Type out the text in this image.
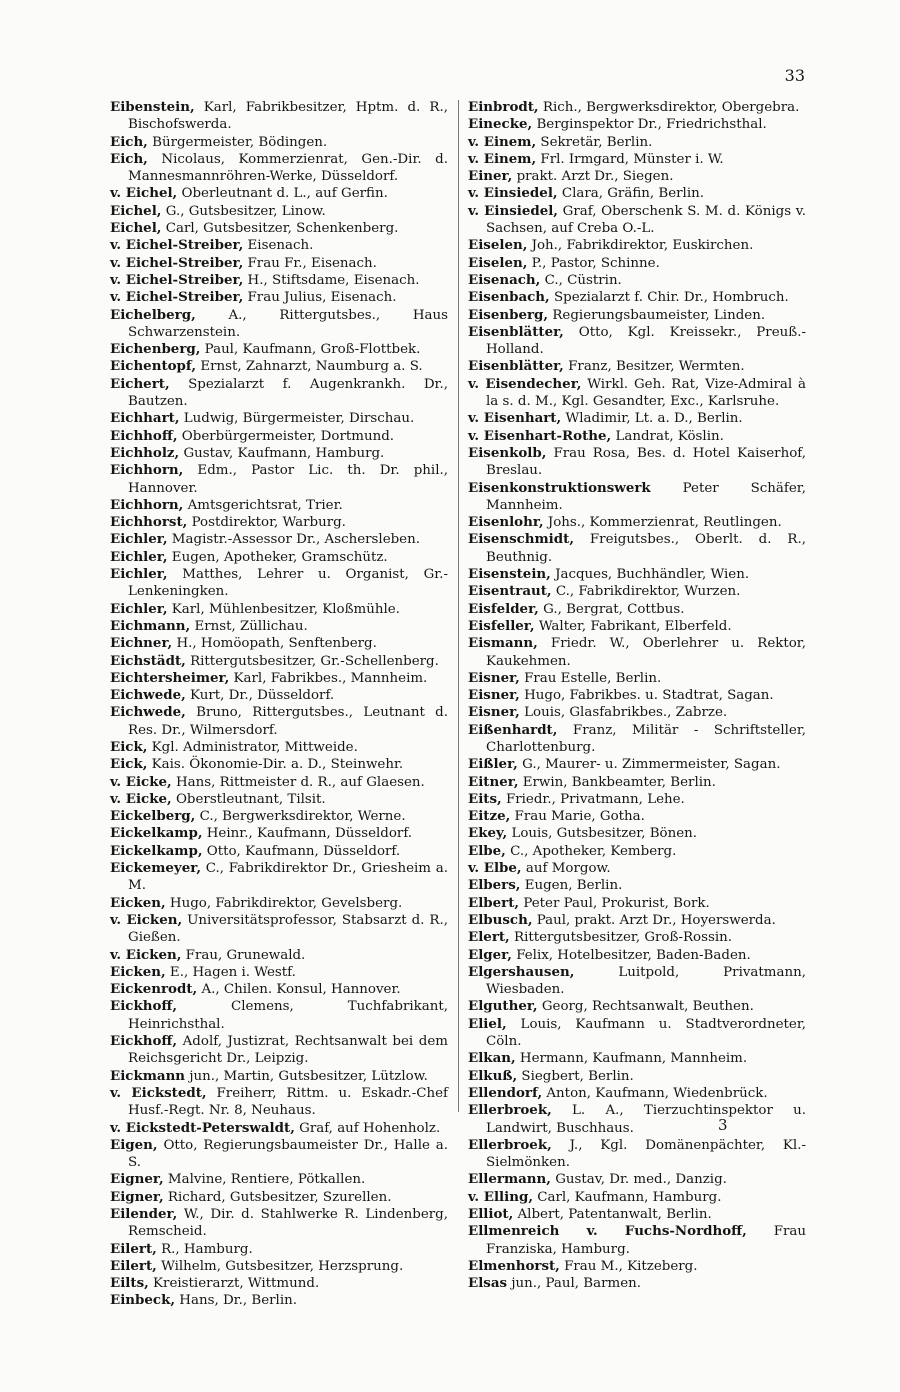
33

Eibenstein, Karl, Fabrikbesitzer, Hptm. d. R., Bischofswerda.

Eich, Bürgermeister, Bödingen.

Eich, Nicolaus, Kommerzienrat, Gen.-Dir. d. Mannesmannröhren-Werke, Düsseldorf.

v. Eichel, Oberleutnant d. L., auf Gerfin.

Eichel, G., Gutsbesitzer, Linow.

Eichel, Carl, Gutsbesitzer, Schenkenberg.

v. Eichel-Streiber, Eisenach.

v. Eichel-Streiber, Frau Fr., Eisenach.

v. Eichel-Streiber, H., Stiftsdame, Eisenach.

v. Eichel-Streiber, Frau Julius, Eisenach.

Eichelberg, A., Rittergutsbes., Haus Schwarzenstein.

Eichenberg, Paul, Kaufmann, Groß-Flottbek.

Eichentopf, Ernst, Zahnarzt, Naumburg a. S.

Eichert, Spezialarzt f. Augenkrankh. Dr., Bautzen.

Eichhart, Ludwig, Bürgermeister, Dirschau.

Eichhoff, Oberbürgermeister, Dortmund.

Eichholz, Gustav, Kaufmann, Hamburg.

Eichhorn, Edm., Pastor Lic. th. Dr. phil., Hannover.

Eichhorn, Amtsgerichtsrat, Trier.

Eichhorst, Postdirektor, Warburg.

Eichler, Magistr.-Assessor Dr., Aschersleben.

Eichler, Eugen, Apotheker, Gramschütz.

Eichler, Matthes, Lehrer u. Organist, Gr.-Lenkeningken.

Eichler, Karl, Mühlenbesitzer, Kloßmühle.

Eichmann, Ernst, Züllichau.

Eichner, H., Homöopath, Senftenberg.

Eichstädt, Rittergutsbesitzer, Gr.-Schellenberg.

Eichtersheimer, Karl, Fabrikbes., Mannheim.

Eichwede, Kurt, Dr., Düsseldorf.

Eichwede, Bruno, Rittergutsbes., Leutnant d. Res. Dr., Wilmersdorf.

Eick, Kgl. Administrator, Mittweide.

Eick, Kais. Ökonomie-Dir. a. D., Steinwehr.

v. Eicke, Hans, Rittmeister d. R., auf Glaesen.

v. Eicke, Oberstleutnant, Tilsit.

Eickelberg, C., Bergwerksdirektor, Werne.

Eickelkamp, Heinr., Kaufmann, Düsseldorf.

Eickelkamp, Otto, Kaufmann, Düsseldorf.

Eickemeyer, C., Fabrikdirektor Dr., Griesheim a. M.

Eicken, Hugo, Fabrikdirektor, Gevelsberg.

v. Eicken, Universitätsprofessor, Stabsarzt d. R., Gießen.

v. Eicken, Frau, Grunewald.

Eicken, E., Hagen i. Westf.

Eickenrodt, A., Chilen. Konsul, Hannover.

Eickhoff,	Clemens, Tuchfabrikant, Heinrichsthal.

Eickhoff, Adolf, Justizrat, Rechtsanwalt bei dem Reichsgericht Dr., Leipzig.

Eickmann jun., Martin, Gutsbesitzer, Lützlow.

v. Eickstedt, Freiherr, Rittm. u. Eskadr.-Chef Husf.-Regt. Nr. 8, Neuhaus.

v. Eickstedt-Peterswaldt, Graf, auf Hohenholz.

Eigen, Otto, Regierungsbaumeister Dr., Halle a. S.

Eigner, Malvine, Rentiere, Pötkallen.

Eigner, Richard, Gutsbesitzer, Szurellen.

Eilender, W., Dir. d. Stahlwerke R. Lindenberg, Remscheid.

Eilert, R., Hamburg.

Eilert, Wilhelm, Gutsbesitzer, Herzsprung.

Eilts, Kreistierarzt, Wittmund.

Einbeck, Hans, Dr., Berlin.

Einbrodt, Rich., Bergwerksdirektor, Obergebra.

Einecke, Berginspektor Dr., Friedrichsthal.

v. Einem, Sekretär, Berlin.

v. Einem, Frl. Irmgard, Münster i. W.

Einer, prakt. Arzt Dr., Siegen.

v. Einsiedel, Clara, Gräfin, Berlin.

v. Einsiedel, Graf, Oberschenk S. M. d. Königs v. Sachsen, auf Creba O.-L.

Eiselen, Joh., Fabrikdirektor, Euskirchen.

Eiselen, P., Pastor, Schinne.

Eisenach, C., Cüstrin.

Eisenbach, Spezialarzt f. Chir. Dr., Hombruch.

Eisenberg, Regierungsbaumeister, Linden.

Eisenblätter, Otto, Kgl. Kreissekr., Preuß.-Holland.

Eisenblätter, Franz, Besitzer, Wermten.

v. Eisendecher, Wirkl. Geh. Rat, Vize-Admiral à la s. d. M., Kgl. Gesandter, Exc., Karlsruhe.

v. Eisenhart, Wladimir, Lt. a. D., Berlin.

v. Eisenhart-Rothe, Landrat, Köslin.

Eisenkolb, Frau Rosa, Bes. d. Hotel Kaiserhof, Breslau.

Eisenkonstruktionswerk Peter Schäfer, Mannheim.

Eisenlohr, Johs., Kommerzienrat, Reutlingen.

Eisenschmidt, Freigutsbes., Oberlt. d. R., Beuthnig.

Eisenstein, Jacques, Buchhändler, Wien.

Eisentraut, C., Fabrikdirektor, Wurzen.

Eisfelder, G., Bergrat, Cottbus.

Eisfeller, Walter, Fabrikant, Elberfeld.

Eismann, Friedr. W., Oberlehrer u. Rektor, Kaukehmen.

Eisner, Frau Estelle, Berlin.

Eisner, Hugo, Fabrikbes. u. Stadtrat, Sagan.

Eisner, Louis, Glasfabrikbes., Zabrze.

Eißenhardt, Franz, Militär - Schriftsteller, Charlottenburg.

Eißler, G., Maurer- u. Zimmermeister, Sagan.

Eitner, Erwin, Bankbeamter, Berlin.

Eits, Friedr., Privatmann, Lehe.

Eitze, Frau Marie, Gotha.

Ekey, Louis, Gutsbesitzer, Bönen.

Elbe, C., Apotheker, Kemberg.

v. Elbe, auf Morgow.

Elbers, Eugen, Berlin.

Elbert, Peter Paul, Prokurist, Bork.

Elbusch, Paul, prakt. Arzt Dr., Hoyerswerda.

Elert, Rittergutsbesitzer, Groß-Rossin.

Elger, Felix, Hotelbesitzer, Baden-Baden.

Elgershausen,	Luitpold, Privatmann, Wiesbaden.

Elguther, Georg, Rechtsanwalt, Beuthen.

Eliel, Louis, Kaufmann u. Stadtverordneter, Cöln.

Elkan, Hermann, Kaufmann, Mannheim.

Elkuß, Siegbert, Berlin.

Ellendorf, Anton, Kaufmann, Wiedenbrück.

Ellerbroek, L. A., Tierzuchtinspektor u. Landwirt, Buschhaus.

Ellerbroek, J., Kgl. Domänenpächter, Kl.-Sielmönken.

Ellermann, Gustav, Dr. med., Danzig.

v. Elling, Carl, Kaufmann, Hamburg.

Elliot, Albert, Patentanwalt, Berlin.

Ellmenreich v. Fuchs-Nordhoff, Frau Franziska, Hamburg.

Elmenhorst, Frau M., Kitzeberg.

Elsas jun., Paul, Barmen.

3
